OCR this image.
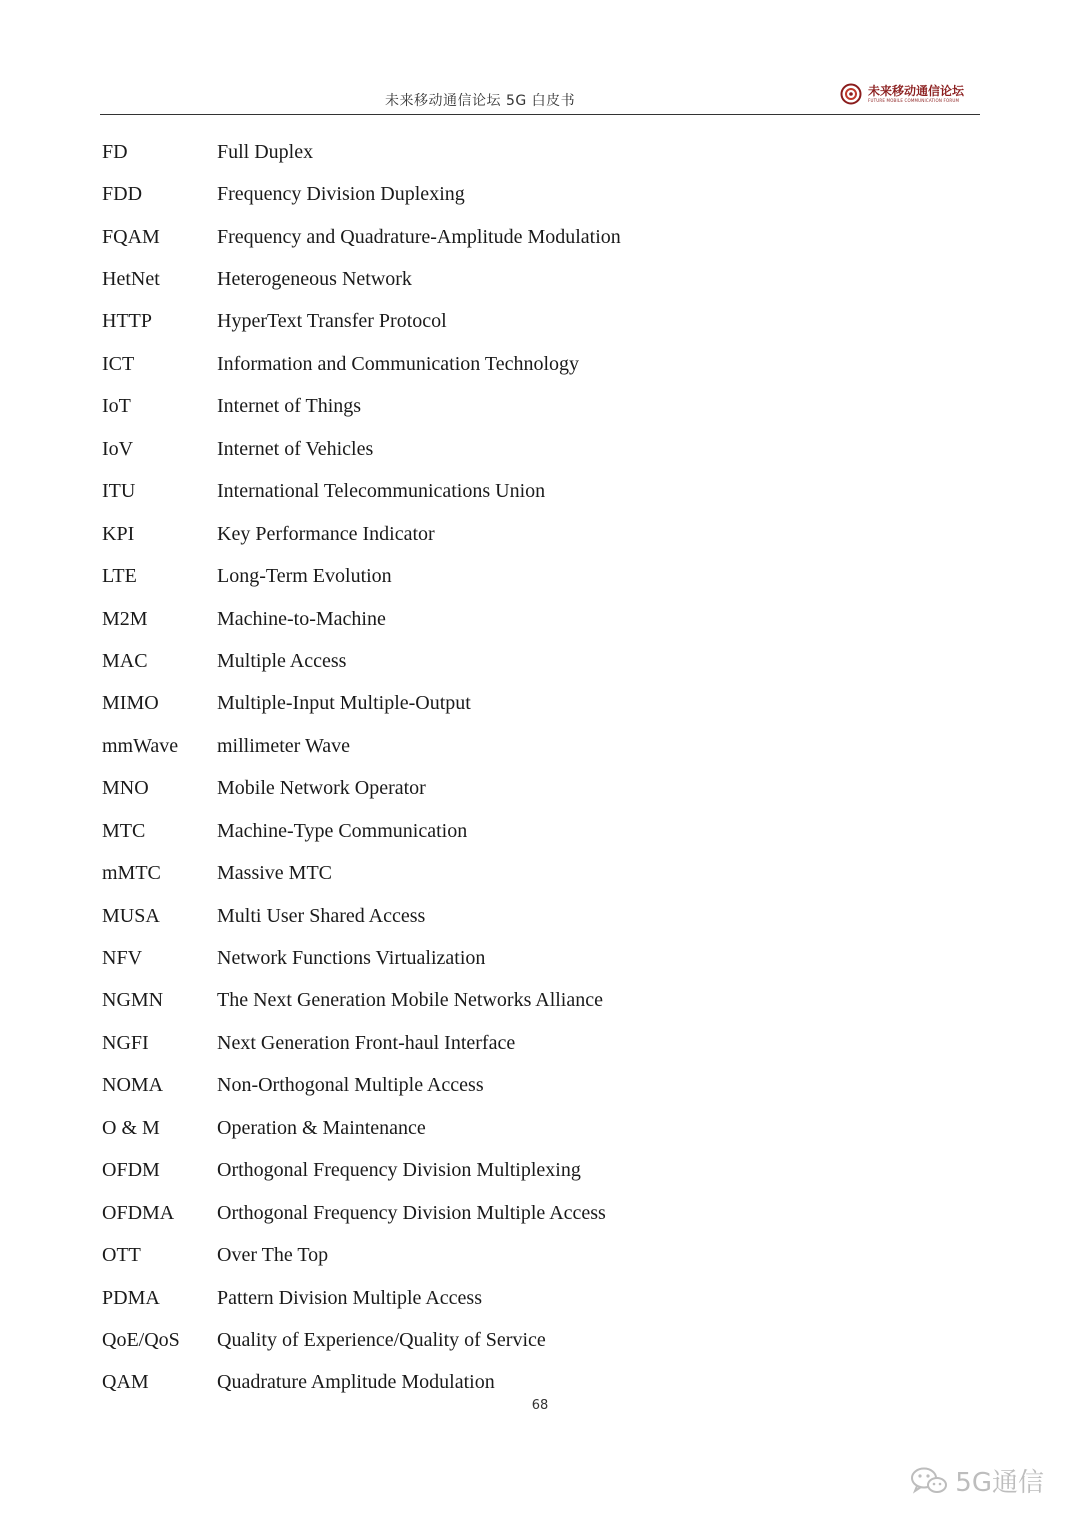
未来移动通信论坛 5G 白皮书
未来移动通信论坛
FUTURE MOBILE COMMUNICATION FORUM
FD	Full Duplex
FDD	Frequency Division Duplexing
FQAM	Frequency and Quadrature-Amplitude Modulation
HetNet	Heterogeneous Network
HTTP	HyperText Transfer Protocol
ICT	Information and Communication Technology
IoT	Internet of Things
IoV	Internet of Vehicles
ITU	International Telecommunications Union
KPI	Key Performance Indicator
LTE	Long-Term Evolution
M2M	Machine-to-Machine
MAC	Multiple Access
MIMO	Multiple-Input Multiple-Output
mmWave	millimeter Wave
MNO	Mobile Network Operator
MTC	Machine-Type Communication
mMTC	Massive MTC
MUSA	Multi User Shared Access
NFV	Network Functions Virtualization
NGMN	The Next Generation Mobile Networks Alliance
NGFI	Next Generation Front-haul Interface
NOMA	Non-Orthogonal Multiple Access
O & M	Operation & Maintenance
OFDM	Orthogonal Frequency Division Multiplexing
OFDMA	Orthogonal Frequency Division Multiple Access
OTT	Over The Top
PDMA	Pattern Division Multiple Access
QoE/QoS	Quality of Experience/Quality of Service
QAM	Quadrature Amplitude Modulation
68
5G通信
